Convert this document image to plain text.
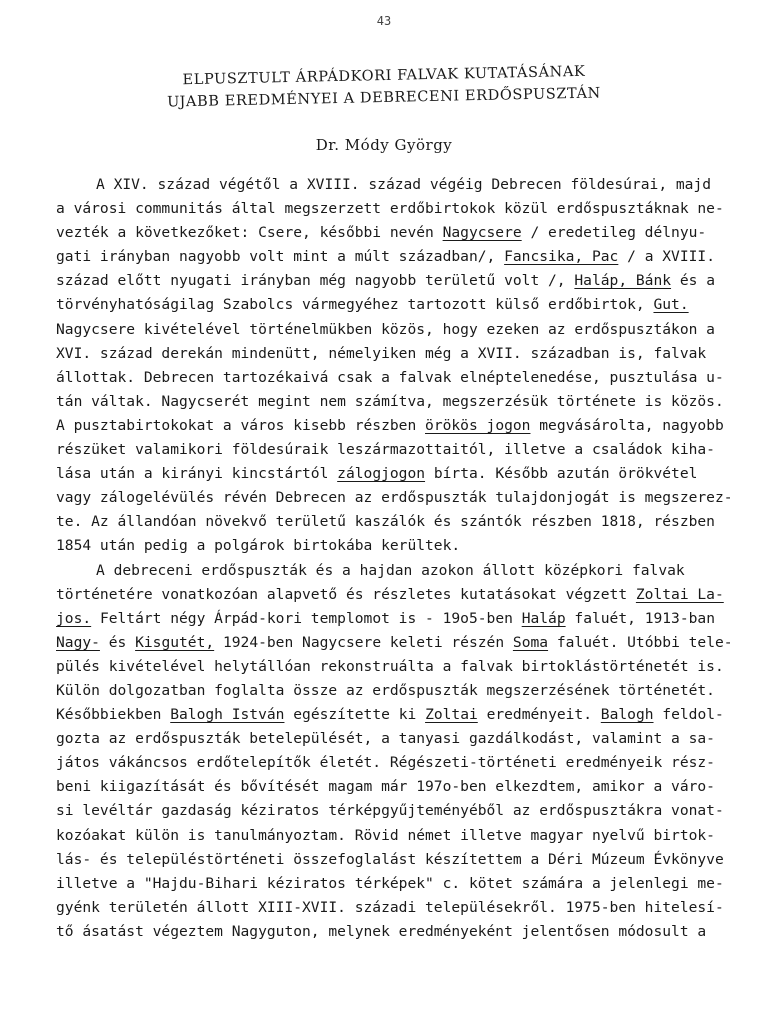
43
ELPUSZTULT ÁRPÁDKORI FALVAK KUTATÁSÁNAK
UJABB EREDMÉNYEI A DEBRECENI ERDŐSPUSZTÁN
Dr. Módy György
A XIV. század végétől a XVIII. század végéig Debrecen földesúrai, majd
a városi communitás által megszerzett erdőbirtokok közül erdőspusztáknak ne-
vezték a következőket: Csere, későbbi nevén Nagycsere / eredetileg délnyu-
gati irányban nagyobb volt mint a múlt században/, Fancsika, Pac / a XVIII.
század előtt nyugati irányban még nagyobb területű volt /, Haláp, Bánk és a
törvényhatóságilag Szabolcs vármegyéhez tartozott külső erdőbirtok, Gut.
Nagycsere kivételével történelmükben közös, hogy ezeken az erdőspusztákon a
XVI. század derekán mindenütt, némelyiken még a XVII. században is, falvak
állottak. Debrecen tartozékaivá csak a falvak elnéptelenedése, pusztulása u-
tán váltak. Nagycserét megint nem számítva, megszerzésük története is közös.
A pusztabirtokokat a város kisebb részben örökös jogon megvásárolta, nagyobb
részüket valamikori földesúraik leszármazottaitól, illetve a családok kiha-
lása után a kirányi kincstártól zálogjogon bírta. Később azután örökvétel
vagy zálogelévülés révén Debrecen az erdőspuszták tulajdonjogát is megszerez-
te. Az állandóan növekvő területű kaszálók és szántók részben 1818, részben
1854 után pedig a polgárok birtokába kerültek.
A debreceni erdőspuszták és a hajdan azokon állott középkori falvak
történetére vonatkozóan alapvető és részletes kutatásokat végzett Zoltai La-
jos. Feltárt négy Árpád-kori templomot is - 19o5-ben Haláp faluét, 1913-ban
Nagy- és Kisgutét, 1924-ben Nagycsere keleti részén Soma faluét. Utóbbi tele-
pülés kivételével helytállóan rekonstruálta a falvak birtoklástörténetét is.
Külön dolgozatban foglalta össze az erdőspuszták megszerzésének történetét.
Későbbiekben Balogh István egészítette ki Zoltai eredményeit. Balogh feldol-
gozta az erdőspuszták betelepülését, a tanyasi gazdálkodást, valamint a sa-
játos vákáncsos erdőtelepítők életét. Régészeti-történeti eredményeik rész-
beni kiigazítását és bővítését magam már 197o-ben elkezdtem, amikor a váro-
si levéltár gazdaság kéziratos térképgyűjteményéből az erdőspusztákra vonat-
kozóakat külön is tanulmányoztam. Rövid német illetve magyar nyelvű birtok-
lás- és településtörténeti összefoglalást készítettem a Déri Múzeum Évkönyve
illetve a "Hajdu-Bihari kéziratos térképek" c. kötet számára a jelenlegi me-
gyénk területén állott XIII-XVII. századi településekről. 1975-ben hitelesí-
tő ásatást végeztem Nagyguton, melynek eredményeként jelentősen módosult a
